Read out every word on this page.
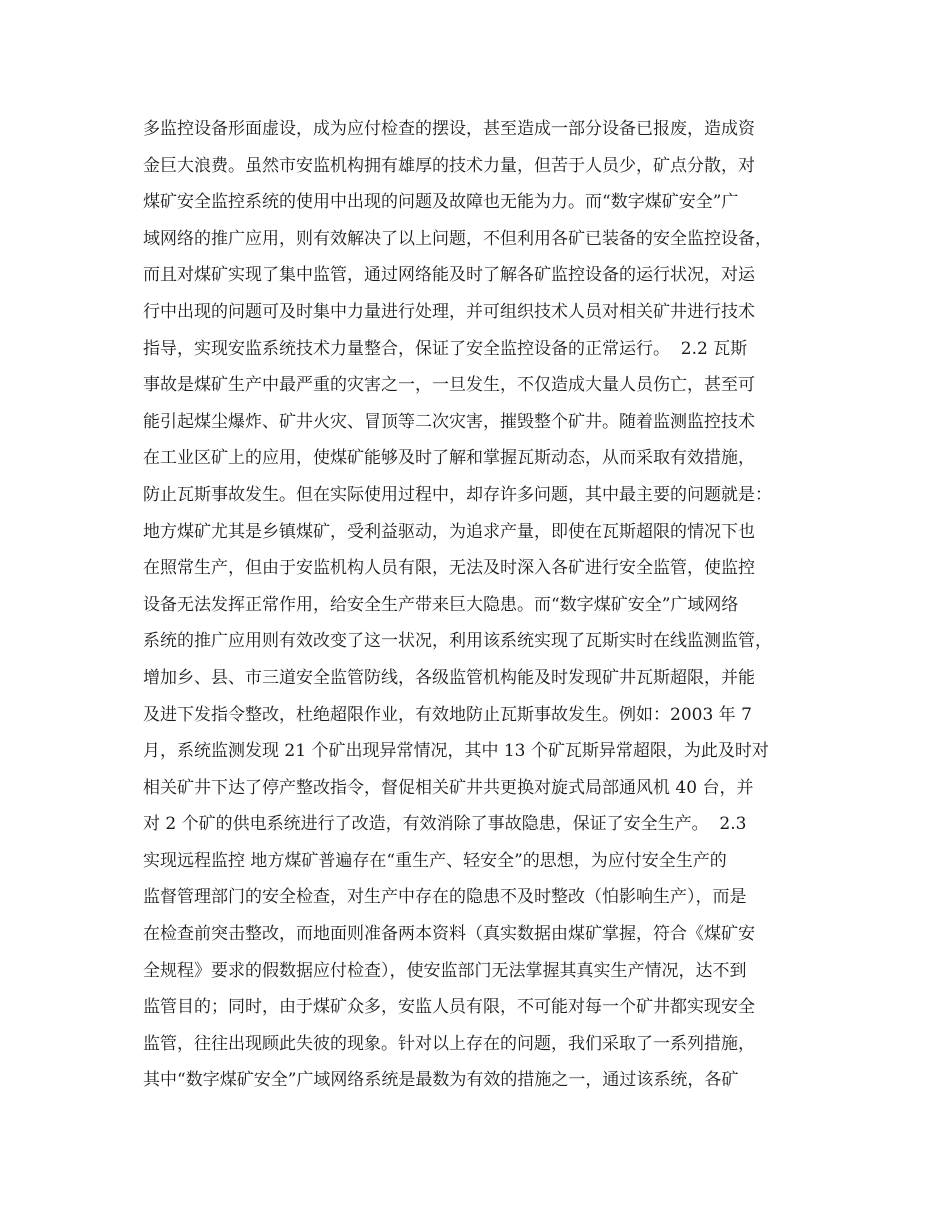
多监控设备形面虚设，成为应付检查的摆设，甚至造成一部分设备已报废，造成资
金巨大浪费。虽然市安监机构拥有雄厚的技术力量，但苦于人员少，矿点分散，对
煤矿安全监控系统的使用中出现的问题及故障也无能为力。而“数字煤矿安全”广
域网络的推广应用，则有效解决了以上问题，不但利用各矿已装备的安全监控设备，
而且对煤矿实现了集中监管，通过网络能及时了解各矿监控设备的运行状况，对运
行中出现的问题可及时集中力量进行处理，并可组织技术人员对相关矿井进行技术
指导，实现安监系统技术力量整合，保证了安全监控设备的正常运行。  2.2 瓦斯
事故是煤矿生产中最严重的灾害之一，一旦发生，不仅造成大量人员伤亡，甚至可
能引起煤尘爆炸、矿井火灾、冒顶等二次灾害，摧毁整个矿井。随着监测监控技术
在工业区矿上的应用，使煤矿能够及时了解和掌握瓦斯动态，从而采取有效措施，
防止瓦斯事故发生。但在实际使用过程中，却存许多问题，其中最主要的问题就是：
地方煤矿尤其是乡镇煤矿，受利益驱动，为追求产量，即使在瓦斯超限的情况下也
在照常生产，但由于安监机构人员有限，无法及时深入各矿进行安全监管，使监控
设备无法发挥正常作用，给安全生产带来巨大隐患。而“数字煤矿安全”广域网络
系统的推广应用则有效改变了这一状况，利用该系统实现了瓦斯实时在线监测监管，
增加乡、县、市三道安全监管防线，各级监管机构能及时发现矿井瓦斯超限，并能
及进下发指令整改，杜绝超限作业，有效地防止瓦斯事故发生。例如：2003 年 7
月，系统监测发现 21 个矿出现异常情况，其中 13 个矿瓦斯异常超限，为此及时对
相关矿井下达了停产整改指令，督促相关矿井共更换对旋式局部通风机 40 台，并
对 2 个矿的供电系统进行了改造，有效消除了事故隐患，保证了安全生产。  2.3
实现远程监控 地方煤矿普遍存在“重生产、轻安全”的思想，为应付安全生产的
监督管理部门的安全检查，对生产中存在的隐患不及时整改（怕影响生产），而是
在检查前突击整改，而地面则准备两本资料（真实数据由煤矿掌握，符合《煤矿安
全规程》要求的假数据应付检查），使安监部门无法掌握其真实生产情况，达不到
监管目的；同时，由于煤矿众多，安监人员有限，不可能对每一个矿井都实现安全
监管，往往出现顾此失彼的现象。针对以上存在的问题，我们采取了一系列措施，
其中“数字煤矿安全”广域网络系统是最数为有效的措施之一，通过该系统，各矿
